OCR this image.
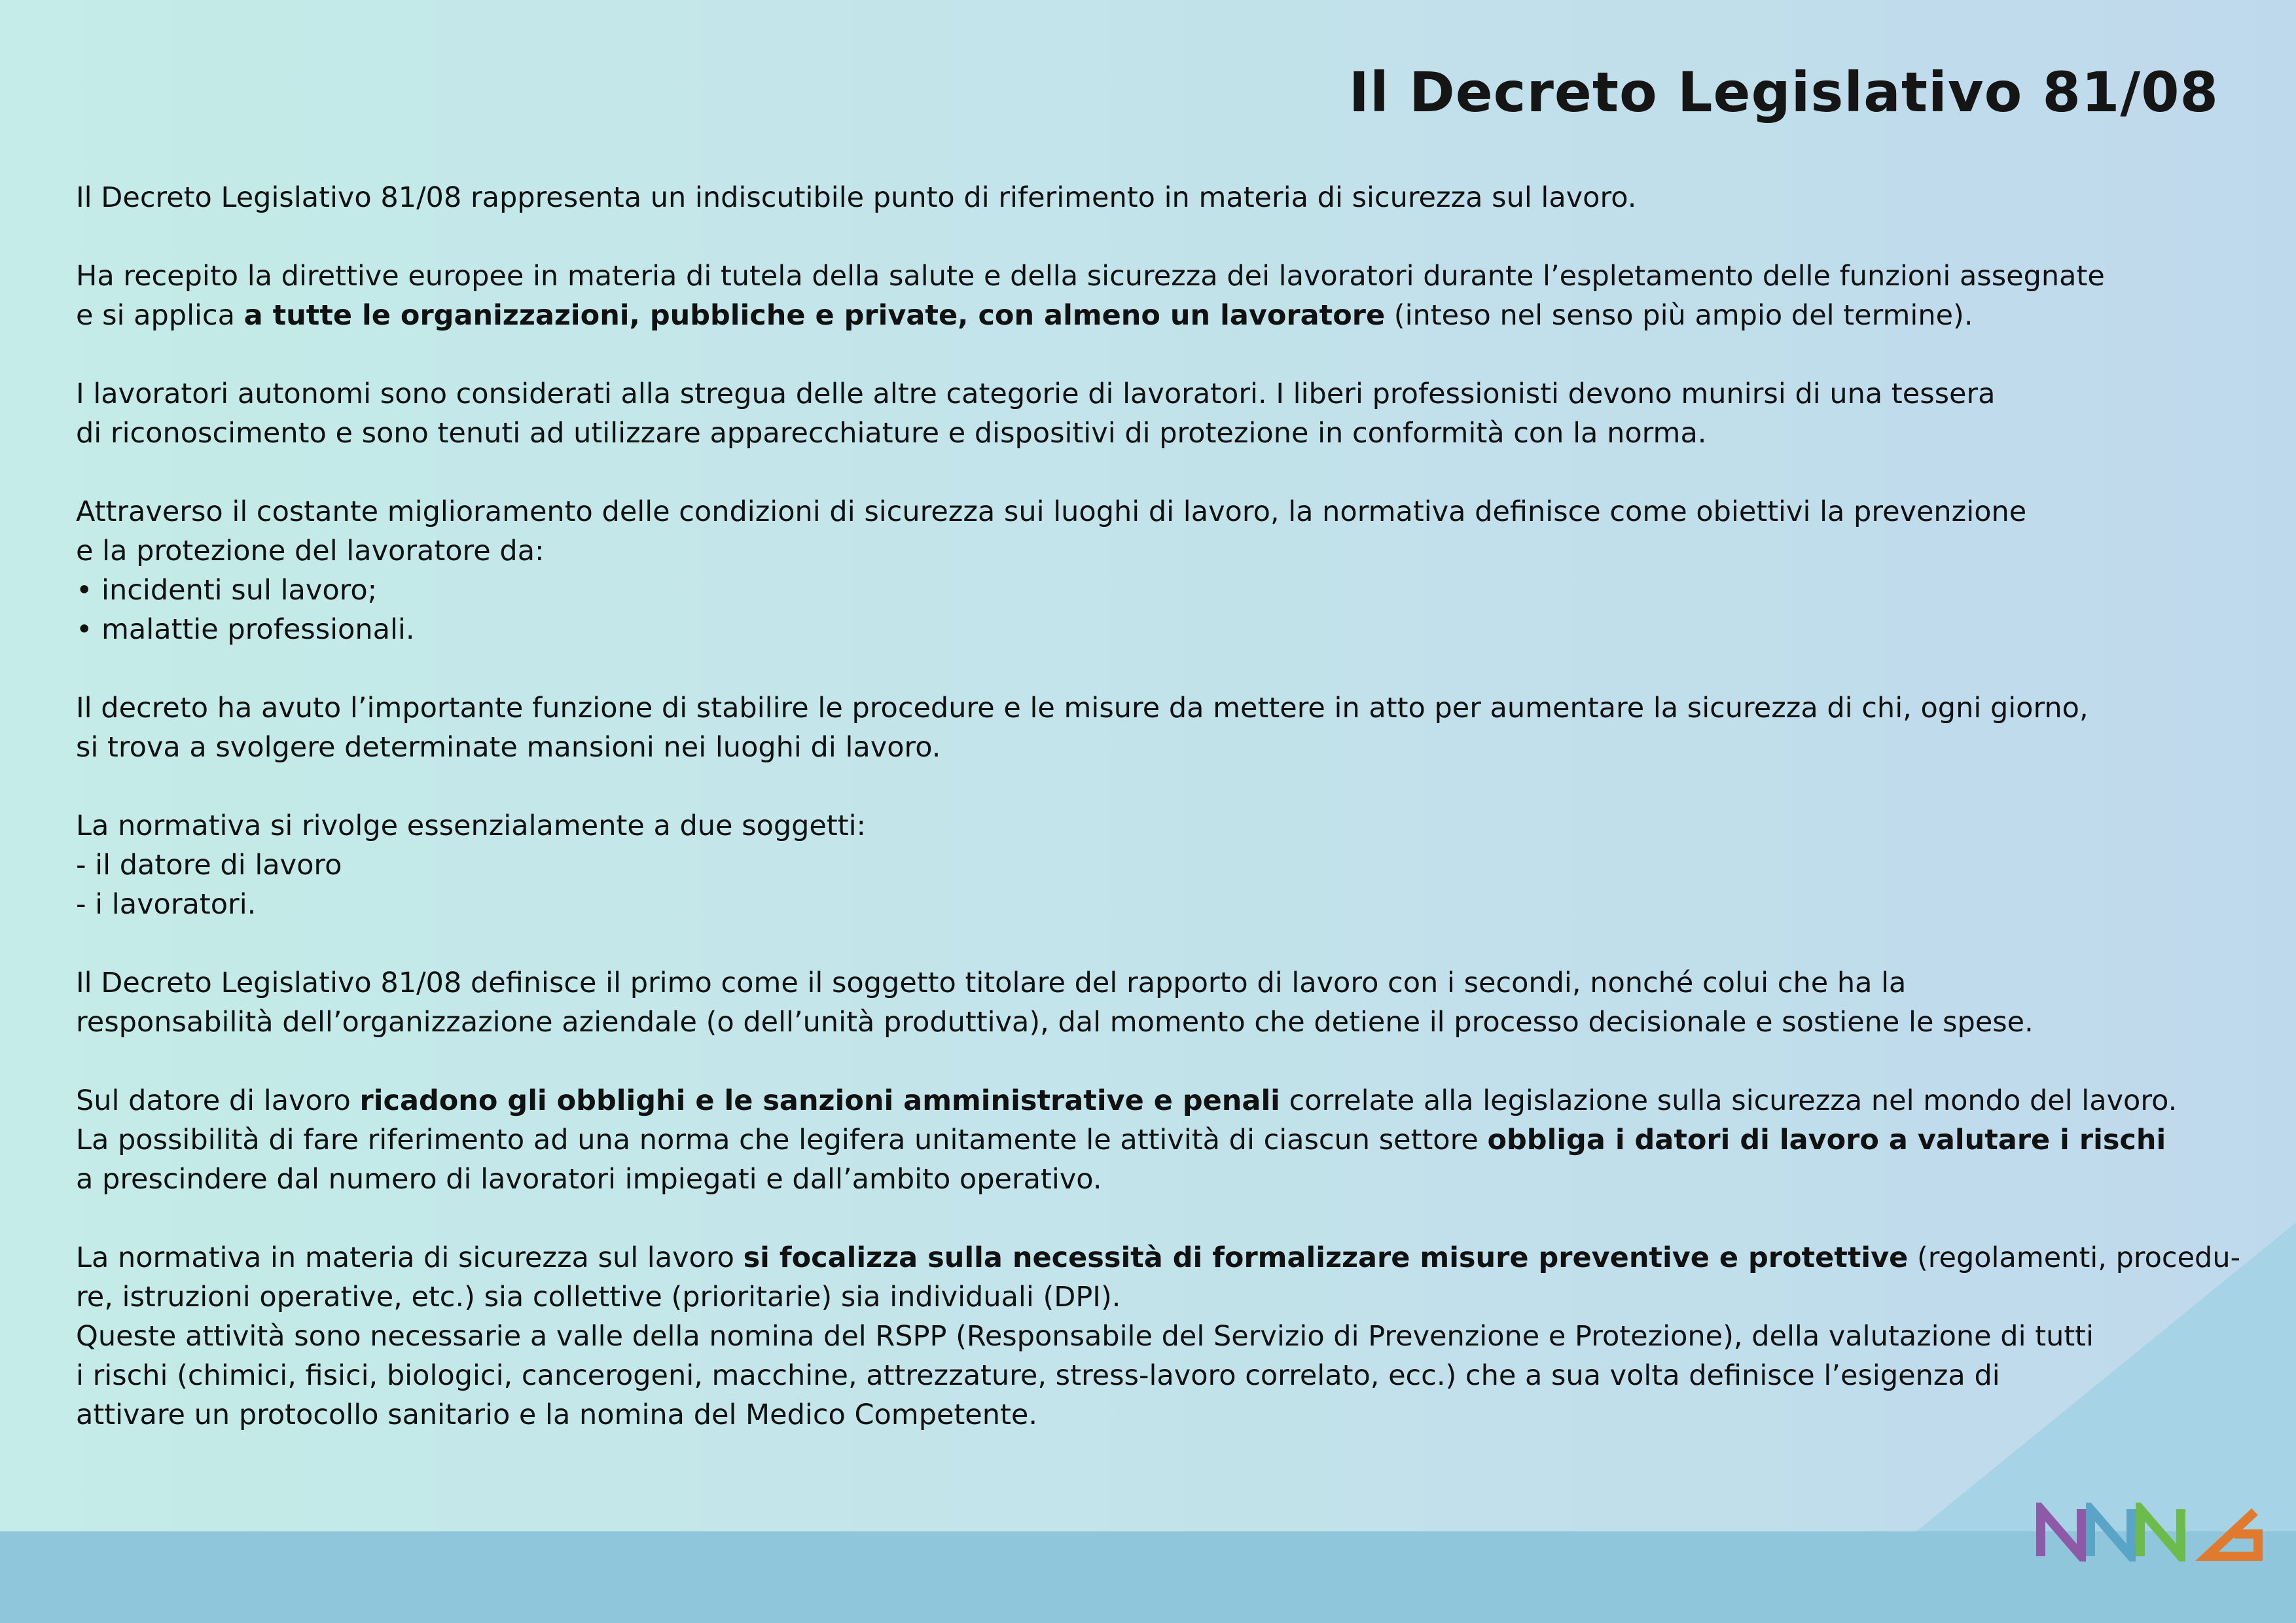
Il Decreto Legislativo 81/08

Il Decreto Legislativo 81/08 rappresenta un indiscutibile punto di riferimento in materia di sicurezza sul lavoro.

Ha recepito la direttive europee in materia di tutela della salute e della sicurezza dei lavoratori durante l’espletamento delle funzioni assegnate
e si applica a tutte le organizzazioni, pubbliche e private, con almeno un lavoratore (inteso nel senso più ampio del termine).

I lavoratori autonomi sono considerati alla stregua delle altre categorie di lavoratori. I liberi professionisti devono munirsi di una tessera
di riconoscimento e sono tenuti ad utilizzare apparecchiature e dispositivi di protezione in conformità con la norma.

Attraverso il costante miglioramento delle condizioni di sicurezza sui luoghi di lavoro, la normativa definisce come obiettivi la prevenzione
e la protezione del lavoratore da:
• incidenti sul lavoro;
• malattie professionali.

Il decreto ha avuto l’importante funzione di stabilire le procedure e le misure da mettere in atto per aumentare la sicurezza di chi, ogni giorno,
si trova a svolgere determinate mansioni nei luoghi di lavoro.

La normativa si rivolge essenzialamente a due soggetti:
- il datore di lavoro
- i lavoratori.

Il Decreto Legislativo 81/08 definisce il primo come il soggetto titolare del rapporto di lavoro con i secondi, nonché colui che ha la
responsabilità dell’organizzazione aziendale (o dell’unità produttiva), dal momento che detiene il processo decisionale e sostiene le spese.

Sul datore di lavoro ricadono gli obblighi e le sanzioni amministrative e penali correlate alla legislazione sulla sicurezza nel mondo del lavoro.
La possibilità di fare riferimento ad una norma che legifera unitamente le attività di ciascun settore obbliga i datori di lavoro a valutare i rischi
a prescindere dal numero di lavoratori impiegati e dall’ambito operativo.

La normativa in materia di sicurezza sul lavoro si focalizza sulla necessità di formalizzare misure preventive e protettive (regolamenti, procedu-
re, istruzioni operative, etc.) sia collettive (prioritarie) sia individuali (DPI).
Queste attività sono necessarie a valle della nomina del RSPP (Responsabile del Servizio di Prevenzione e Protezione), della valutazione di tutti
i rischi (chimici, fisici, biologici, cancerogeni, macchine, attrezzature, stress-lavoro correlato, ecc.) che a sua volta definisce l’esigenza di
attivare un protocollo sanitario e la nomina del Medico Competente.
